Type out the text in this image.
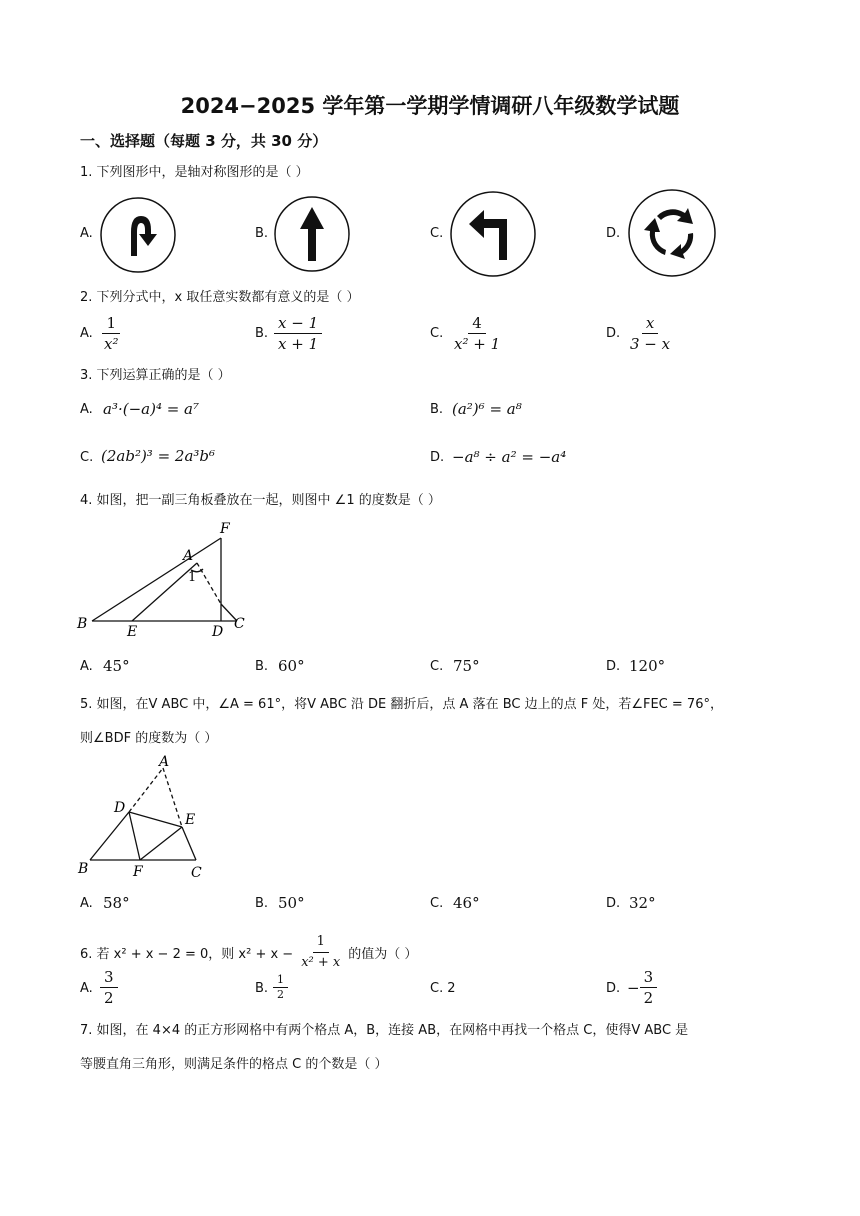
2024−2025 学年第一学期学情调研八年级数学试题
一、选择题（每题 3 分，共 30 分）
1. 下列图形中，是轴对称图形的是（ ）
A.	B.	C.	D.
2. 下列分式中，x 取任意实数都有意义的是（ ）
A. $\frac{1}{\text{x²}}$	B. $\frac{x - 1}{x + 1}$	C. $\frac{4}{\text{x² + 1}}$	D. $\frac{x}{3 - x}$
3. 下列运算正确的是（ ）
A. a³·(−a)⁴ = a⁷	B. (a²)⁶ = a⁸
C. (2ab²)³ = 2a³b⁶	D. −a⁸ ÷ a² = −a⁴
4. 如图，把一副三角板叠放在一起，则图中 ∠1 的度数是（ ）
F
A
1
B	E	D C
A. 45°	B. 60°	C. 75°	D. 120°
5. 如图，在V ABC 中，∠A = 61°，将V ABC 沿 DE 翻折后，点 A 落在 BC 边上的点 F 处，若∠FEC = 76°，
则∠BDF 的度数为（ ）
A
D
E
B	F	C
A. 58°	B. 50°	C. 46°	D. 32°
6. 若 x² + x − 2 = 0，则 $x^2 + x - \frac{1}{\text{x² + x}}$ 的值为（ ）
A. $\frac{3}{2}$	B. $\frac{1}{2}$	C. 2	D. − $\frac{3}{2}$
7. 如图，在 4×4 的正方形网格中有两个格点 A，B，连接 AB，在网格中再找一个格点 C，使得V ABC 是
等腰直角三角形，则满足条件的格点 C 的个数是（ ）
